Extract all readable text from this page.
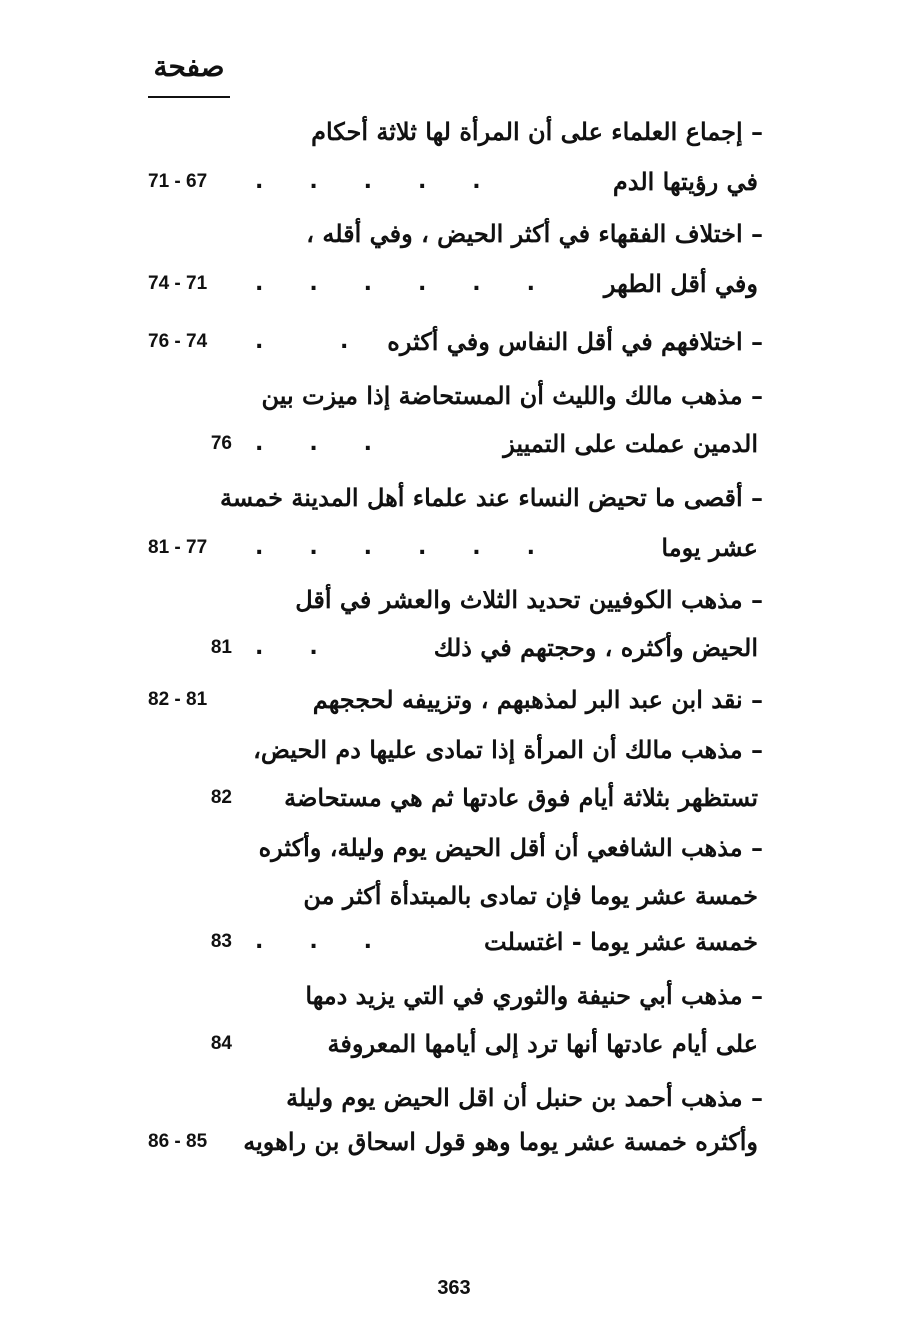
صفحة
– إجماع العلماء على أن المرأة لها ثلاثة أحكام
في رؤيتها الدم
.      .      .      .      .
71 - 67
– اختلاف الفقهاء في أكثر الحيض ، وفي أقله ،
وفي أقل الطهر
.      .      .      .      .      .
74 - 71
– اختلافهم في أقل النفاس وفي أكثره
.          .
76 - 74
– مذهب مالك والليث أن المستحاضة إذا ميزت بين
الدمين عملت على التمييز
.      .      .
76
– أقصى ما تحيض النساء عند علماء أهل المدينة خمسة
عشر يوما
.      .      .      .      .      .
81 - 77
– مذهب الكوفيين تحديد الثلاث والعشر في أقل
الحيض وأكثره ، وحجتهم في ذلك
.      .
81
– نقد ابن عبد البر لمذهبهم ، وتزييفه لحججهم
82 - 81
– مذهب مالك أن المرأة إذا تمادى عليها دم الحيض،
تستظهر بثلاثة أيام فوق عادتها ثم هي مستحاضة
82
– مذهب الشافعي أن أقل الحيض يوم وليلة، وأكثره
خمسة عشر يوما فإن تمادى بالمبتدأة أكثر من
خمسة عشر يوما - اغتسلت
.      .      .
83
– مذهب أبي حنيفة والثوري في التي يزيد دمها
على أيام عادتها أنها ترد إلى أيامها المعروفة
84
– مذهب أحمد بن حنبل أن اقل الحيض يوم وليلة
وأكثره خمسة عشر يوما وهو قول اسحاق بن راهويه
86 - 85
363
